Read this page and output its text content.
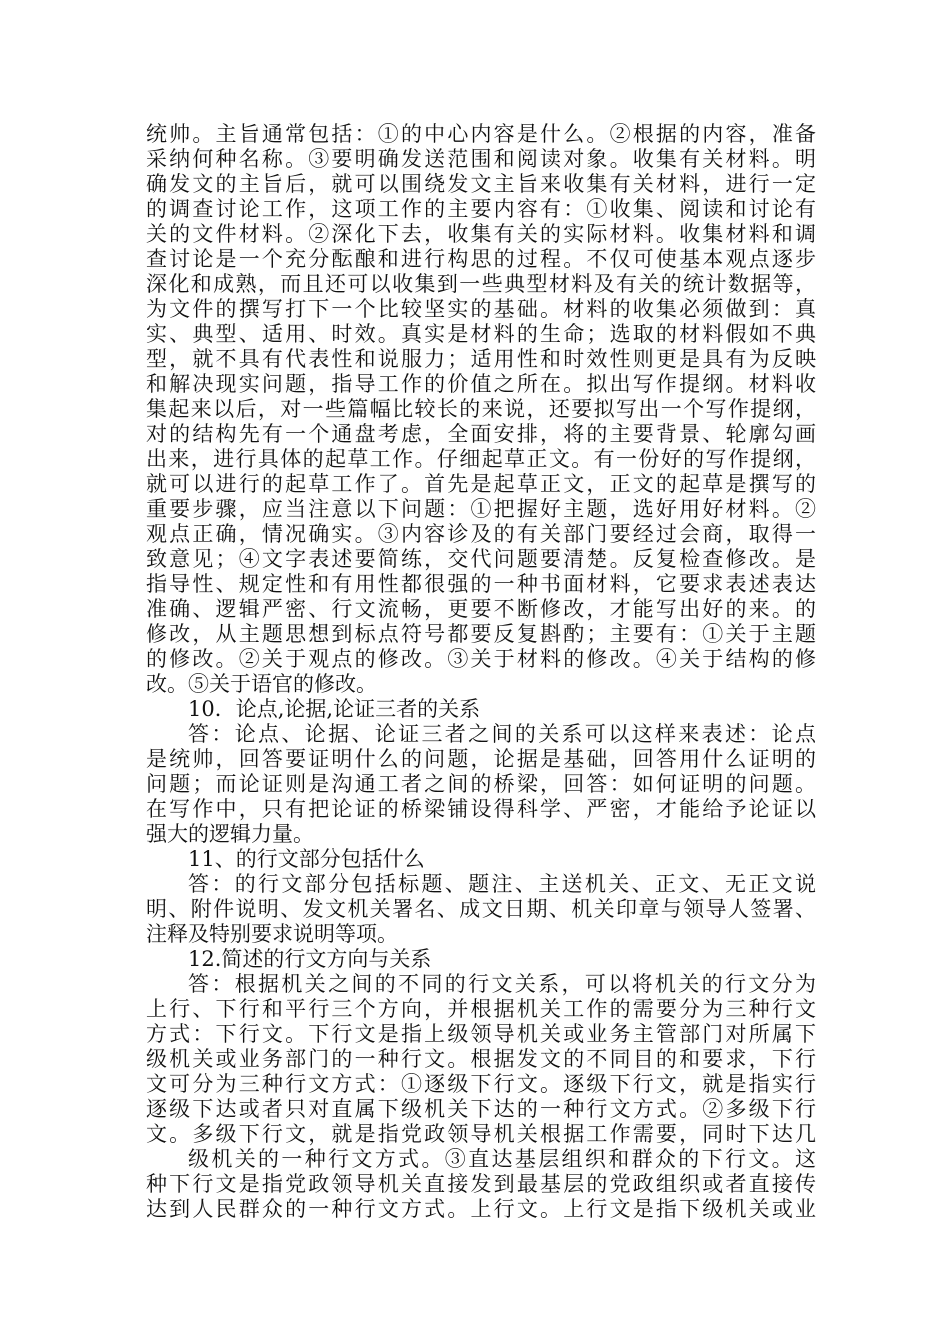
统帅。主旨通常包括：①的中心内容是什么。②根据的内容，准备
采纳何种名称。③要明确发送范围和阅读对象。收集有关材料。明
确发文的主旨后，就可以围绕发文主旨来收集有关材料，进行一定
的调查讨论工作，这项工作的主要内容有：①收集、阅读和讨论有
关的文件材料。②深化下去，收集有关的实际材料。收集材料和调
查讨论是一个充分酝酿和进行构思的过程。不仅可使基本观点逐步
深化和成熟，而且还可以收集到一些典型材料及有关的统计数据等，
为文件的撰写打下一个比较坚实的基础。材料的收集必须做到：真
实、典型、适用、时效。真实是材料的生命；选取的材料假如不典
型，就不具有代表性和说服力；适用性和时效性则更是具有为反映
和解决现实问题，指导工作的价值之所在。拟出写作提纲。材料收
集起来以后，对一些篇幅比较长的来说，还要拟写出一个写作提纲，
对的结构先有一个通盘考虑，全面安排，将的主要背景、轮廓勾画
出来，进行具体的起草工作。仔细起草正文。有一份好的写作提纲，
就可以进行的起草工作了。首先是起草正文，正文的起草是撰写的
重要步骤，应当注意以下问题：①把握好主题，选好用好材料。②
观点正确，情况确实。③内容诊及的有关部门要经过会商，取得一
致意见；④文字表述要简练，交代问题要清楚。反复检查修改。是
指导性、规定性和有用性都很强的一种书面材料，它要求表述表达
准确、逻辑严密、行文流畅，更要不断修改，才能写出好的来。的
修改，从主题思想到标点符号都要反复斟酌；主要有：①关于主题
的修改。②关于观点的修改。③关于材料的修改。④关于结构的修
改。⑤关于语官的修改。
10．论点,论据,论证三者的关系
答：论点、论据、论证三者之间的关系可以这样来表述：论点
是统帅，回答要证明什么的问题，论据是基础，回答用什么证明的
问题；而论证则是沟通工者之间的桥梁，回答：如何证明的问题。
在写作中，只有把论证的桥梁铺设得科学、严密，才能给予论证以
强大的逻辑力量。
11、的行文部分包括什么
答：的行文部分包括标题、题注、主送机关、正文、无正文说
明、附件说明、发文机关署名、成文日期、机关印章与领导人签署、
注释及特别要求说明等项。
12.简述的行文方向与关系
答：根据机关之间的不同的行文关系，可以将机关的行文分为
上行、下行和平行三个方向，并根据机关工作的需要分为三种行文
方式：下行文。下行文是指上级领导机关或业务主管部门对所属下
级机关或业务部门的一种行文。根据发文的不同目的和要求，下行
文可分为三种行文方式：①逐级下行文。逐级下行文，就是指实行
逐级下达或者只对直属下级机关下达的一种行文方式。②多级下行
文。多级下行文，就是指党政领导机关根据工作需要，同时下达几
级机关的一种行文方式。③直达基层组织和群众的下行文。这
种下行文是指党政领导机关直接发到最基层的党政组织或者直接传
达到人民群众的一种行文方式。上行文。上行文是指下级机关或业
